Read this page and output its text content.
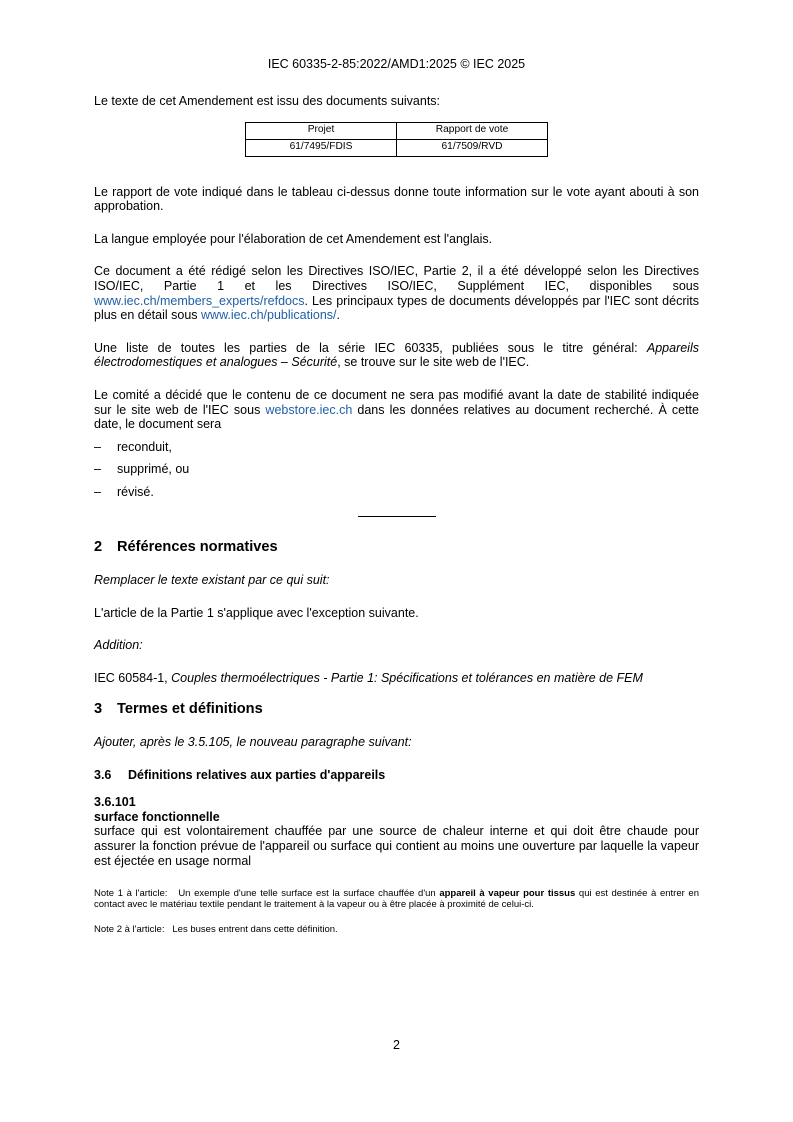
IEC 60335-2-85:2022/AMD1:2025 © IEC 2025

Le texte de cet Amendement est issu des documents suivants:

Projet	Rapport de vote
61/7495/FDIS	61/7509/RVD

Le rapport de vote indiqué dans le tableau ci-dessus donne toute information sur le vote ayant abouti à son approbation.

La langue employée pour l'élaboration de cet Amendement est l'anglais.

Ce document a été rédigé selon les Directives ISO/IEC, Partie 2, il a été développé selon les Directives ISO/IEC, Partie 1 et les Directives ISO/IEC, Supplément IEC, disponibles sous www.iec.ch/members_experts/refdocs. Les principaux types de documents développés par l'IEC sont décrits plus en détail sous www.iec.ch/publications/.

Une liste de toutes les parties de la série IEC 60335, publiées sous le titre général: Appareils électrodomestiques et analogues – Sécurité, se trouve sur le site web de l'IEC.

Le comité a décidé que le contenu de ce document ne sera pas modifié avant la date de stabilité indiquée sur le site web de l'IEC sous webstore.iec.ch dans les données relatives au document recherché. À cette date, le document sera

–	reconduit,
–	supprimé, ou
–	révisé.
2 Références normatives

Remplacer le texte existant par ce qui suit:

L'article de la Partie 1 s'applique avec l'exception suivante.

Addition:

IEC 60584-1, Couples thermoélectriques - Partie 1: Spécifications et tolérances en matière de FEM

3 Termes et définitions

Ajouter, après le 3.5.105, le nouveau paragraphe suivant:

3.6 Définitions relatives aux parties d'appareils

3.6.101

surface fonctionnelle

surface qui est volontairement chauffée par une source de chaleur interne et qui doit être chaude pour assurer la fonction prévue de l'appareil ou surface qui contient au moins une ouverture par laquelle la vapeur est éjectée en usage normal

Note 1 à l'article: Un exemple d'une telle surface est la surface chauffée d'un appareil à vapeur pour tissus qui est destinée à entrer en contact avec le matériau textile pendant le traitement à la vapeur ou à être placée à proximité de celui-ci.

Note 2 à l'article: Les buses entrent dans cette définition.

2
